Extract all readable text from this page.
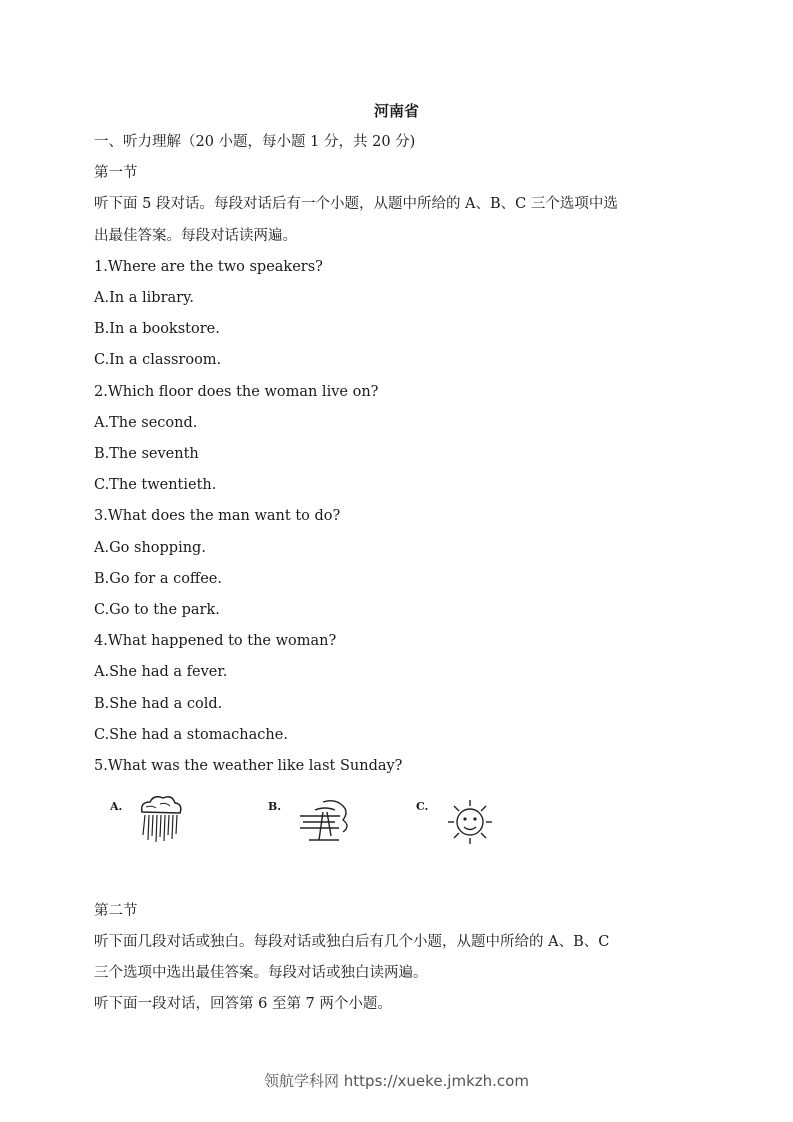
河南省
一、听力理解（20 小题，每小题 1 分，共 20 分)
第一节
听下面 5 段对话。每段对话后有一个小题，从题中所给的 A、B、C 三个选项中选
出最佳答案。每段对话读两遍。
1.Where are the two speakers?
A.In a library.
B.In a bookstore.
C.In a classroom.
2.Which floor does the woman live on?
A.The second.
B.The seventh
C.The twentieth.
3.What does the man want to do?
A.Go shopping.
B.Go for a coffee.
C.Go to the park.
4.What happened to the woman?
A.She had a fever.
B.She had a cold.
C.She had a stomachache.
5.What was the weather like last Sunday?
A.	B.	C.
第二节
听下面几段对话或独白。每段对话或独白后有几个小题，从题中所给的 A、B、C
三个选项中选出最佳答案。每段对话或独白读两遍。
听下面一段对话，回答第 6 至第 7 两个小题。
领航学科网 https://xueke.jmkzh.com
